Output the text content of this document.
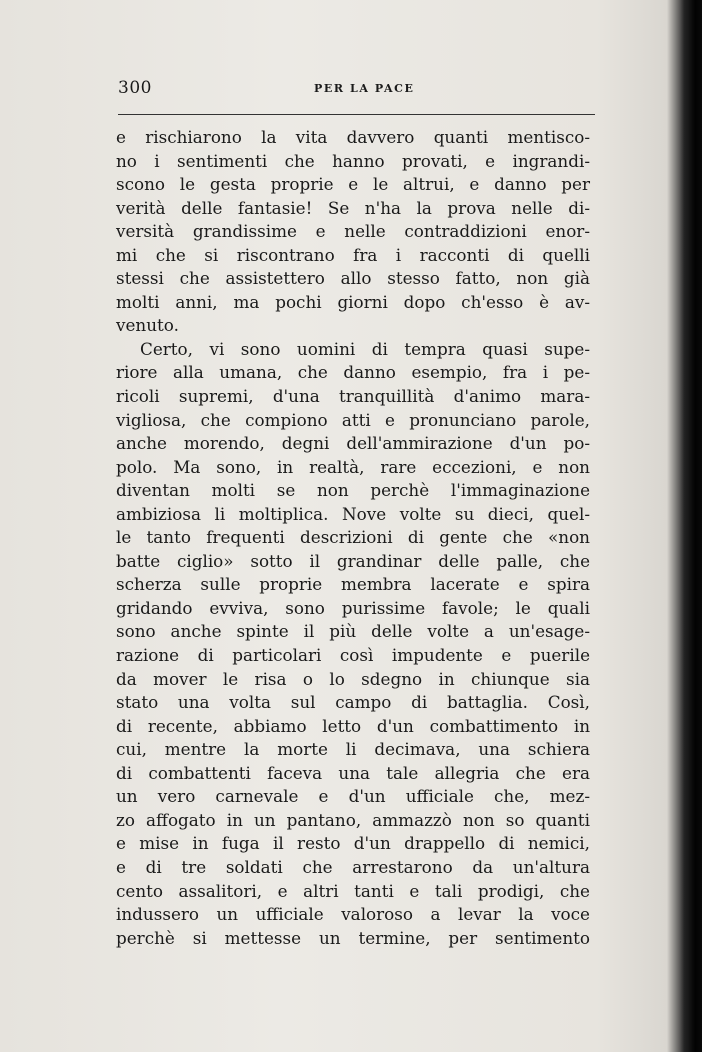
300	PER LA PACE
e rischiarono la vita davvero quanti mentisco-
no i sentimenti che hanno provati, e ingrandi-
scono le gesta proprie e le altrui, e danno per
verità delle fantasie! Se n'ha la prova nelle di-
versità grandissime e nelle contraddizioni enor-
mi che si riscontrano fra i racconti di quelli
stessi che assistettero allo stesso fatto, non già
molti anni, ma pochi giorni dopo ch'esso è av-
venuto.
Certo, vi sono uomini di tempra quasi supe-
riore alla umana, che danno esempio, fra i pe-
ricoli supremi, d'una tranquillità d'animo mara-
vigliosa, che compiono atti e pronunciano parole,
anche morendo, degni dell'ammirazione d'un po-
polo. Ma sono, in realtà, rare eccezioni, e non
diventan molti se non perchè l'immaginazione
ambiziosa li moltiplica. Nove volte su dieci, quel-
le tanto frequenti descrizioni di gente che «non
batte ciglio» sotto il grandinar delle palle, che
scherza sulle proprie membra lacerate e spira
gridando evviva, sono purissime favole; le quali
sono anche spinte il più delle volte a un'esage-
razione di particolari così impudente e puerile
da mover le risa o lo sdegno in chiunque sia
stato una volta sul campo di battaglia. Così,
di recente, abbiamo letto d'un combattimento in
cui, mentre la morte li decimava, una schiera
di combattenti faceva una tale allegria che era
un vero carnevale e d'un ufficiale che, mez-
zo affogato in un pantano, ammazzò non so quanti
e mise in fuga il resto d'un drappello di nemici,
e di tre soldati che arrestarono da un'altura
cento assalitori, e altri tanti e tali prodigi, che
indussero un ufficiale valoroso a levar la voce
perchè si mettesse un termine, per sentimento
